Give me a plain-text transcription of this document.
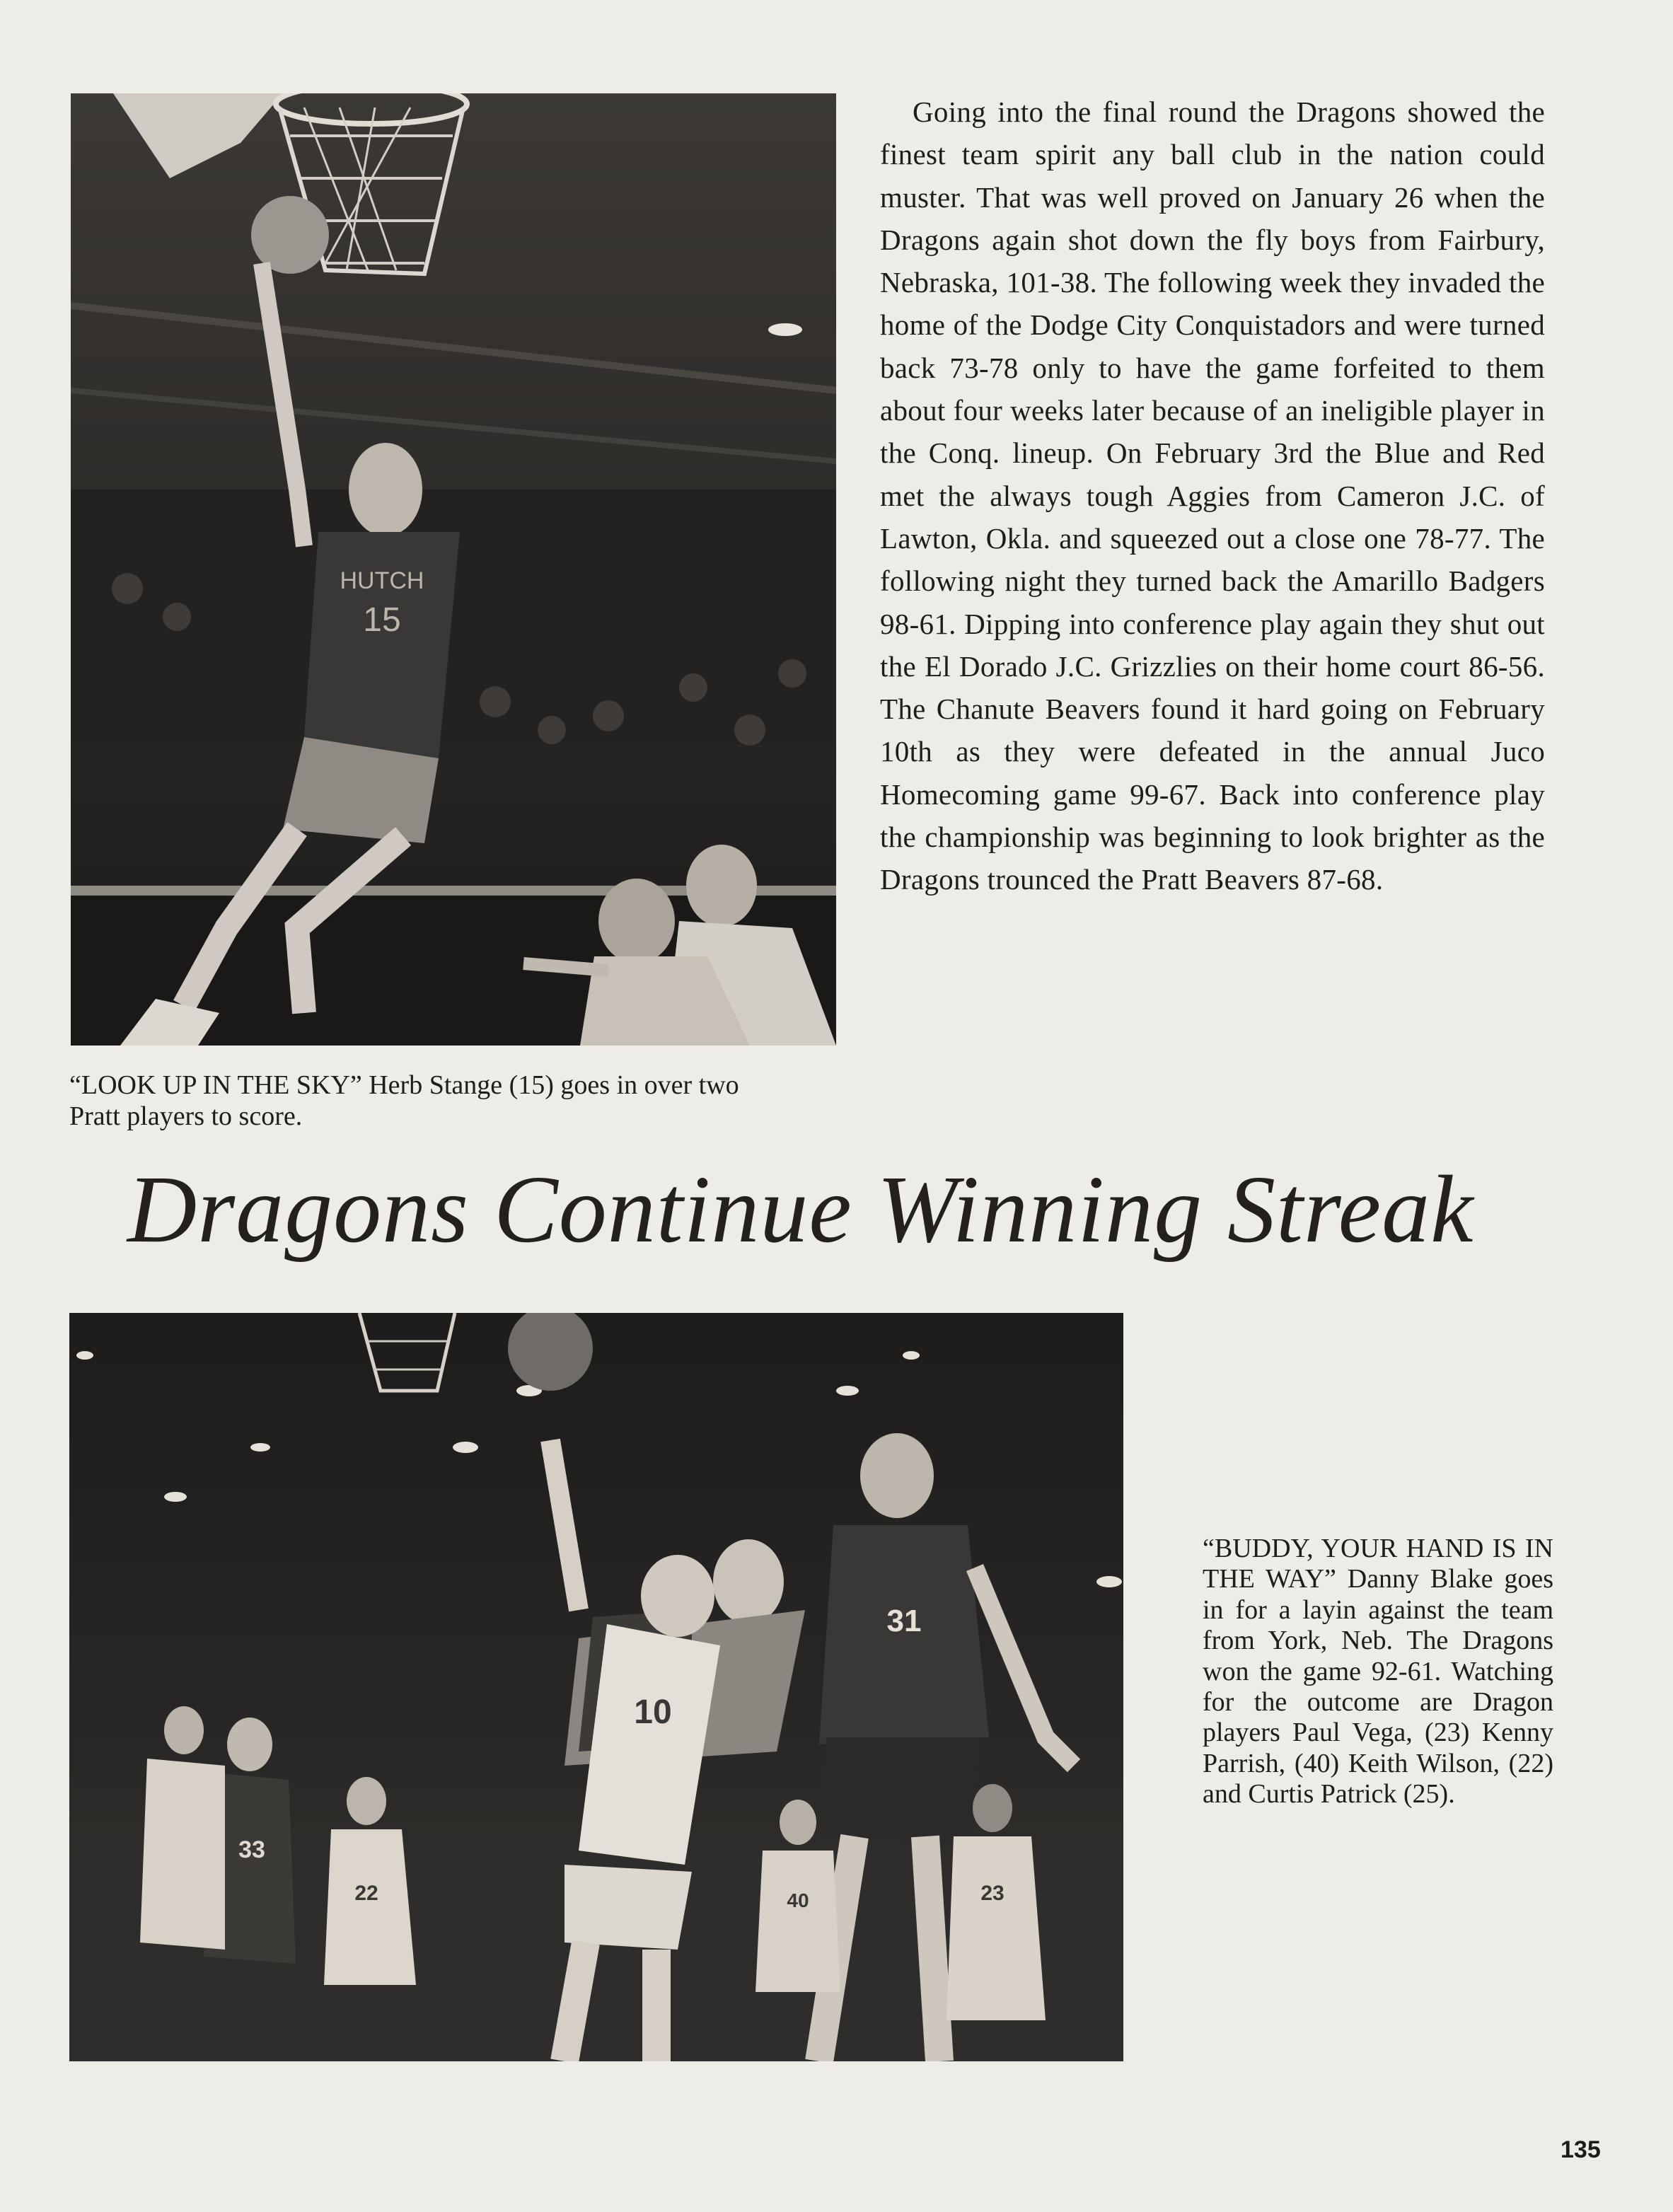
HUTCH
15

Going into the final round the Dragons showed the finest team spirit any ball club in the nation could muster. That was well proved on January 26 when the Dragons again shot down the fly boys from Fairbury, Nebraska, 101-38. The following week they invaded the home of the Dodge City Conquistadors and were turned back 73-78 only to have the game forfeited to them about four weeks later because of an ineligible player in the Conq. lineup. On February 3rd the Blue and Red met the always tough Aggies from Cameron J.C. of Lawton, Okla. and squeezed out a close one 78-77. The following night they turned back the Amarillo Badgers 98-61. Dipping into conference play again they shut out the El Dorado J.C. Grizzlies on their home court 86-56. The Chanute Beavers found it hard going on February 10th as they were defeated in the annual Juco Homecoming game 99-67. Back into conference play the championship was beginning to look brighter as the Dragons trounced the Pratt Beavers 87-68.

“LOOK UP IN THE SKY” Herb Stange (15) goes in over two Pratt players to score.

Dragons Continue Winning Streak
10
31
33
22	40	23

“BUDDY, YOUR HAND IS IN THE WAY” Danny Blake goes in for a layin against the team from York, Neb. The Dragons won the game 92-61. Watching for the outcome are Dragon players Paul Vega, (23) Kenny Parrish, (40) Keith Wilson, (22) and Curtis Patrick (25).

135
